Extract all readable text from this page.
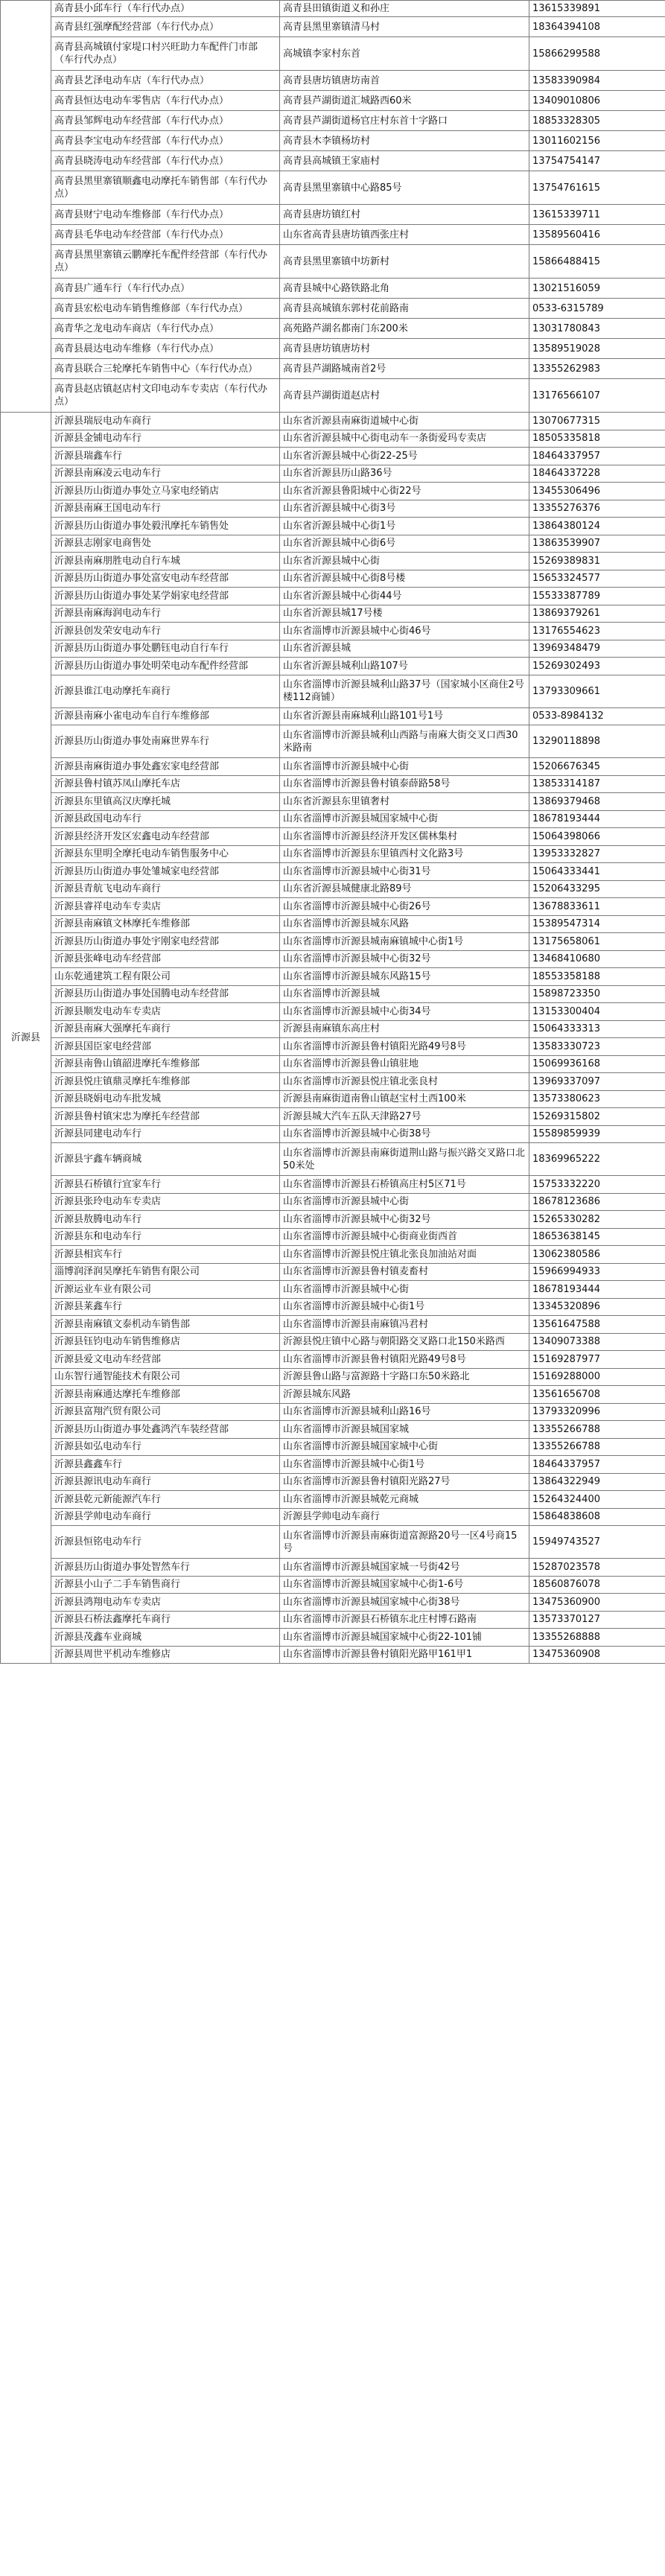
	高青县小邱车行（车行代办点）	高青县田镇街道义和孙庄	13615339891
	高青县红强摩配经营部（车行代办点）	高青县黑里寨镇清马村	18364394108
	高青县高城镇付家堤口村兴旺助力车配件门市部（车行代办点）	高城镇李家村东首	15866299588
	高青县艺泽电动车店（车行代办点）	高青县唐坊镇唐坊南首	13583390984
	高青县恒达电动车零售店（车行代办点）	高青县芦湖街道汇城路西60米	13409010806
	高青县邹辉电动车经营部（车行代办点）	高青县芦湖街道杨官庄村东首十字路口	18853328305
	高青县李宝电动车经营部（车行代办点）	高青县木李镇杨坊村	13011602156
	高青县晓涛电动车经营部（车行代办点）	高青县高城镇王家庙村	13754754147
	高青县黑里寨镇顺鑫电动摩托车销售部（车行代办点）	高青县黑里寨镇中心路85号	13754761615
	高青县财宁电动车维修部（车行代办点）	高青县唐坊镇红村	13615339711
	高青县毛华电动车经营部（车行代办点）	山东省高青县唐坊镇西张庄村	13589560416
	高青县黑里寨镇云鹏摩托车配件经营部（车行代办点）	高青县黑里寨镇中坊新村	15866488415
	高青县广通车行（车行代办点）	高青县城中心路铁路北角	13021516059
	高青县宏松电动车销售维修部（车行代办点）	高青县高城镇东郭村花前路南	0533-6315789
	高青华之龙电动车商店（车行代办点）	高苑路芦湖名都南门东200米	13031780843
	高青县晨达电动车维修（车行代办点）	高青县唐坊镇唐坊村	13589519028
	高青县联合三轮摩托车销售中心（车行代办点）	高青县芦湖路城南首2号	13355262983
	高青县赵店镇赵店村文印电动车专卖店（车行代办点）	高青县芦湖街道赵店村	13176566107
沂源县	沂源县瑞辰电动车商行	山东省沂源县南麻街道城中心街	13070677315
	沂源县金铺电动车行	山东省沂源县城中心街电动车一条街爱玛专卖店	18505335818
	沂源县瑞鑫车行	山东省沂源县城中心街22-25号	18464337957
	沂源县南麻凌云电动车行	山东省沂源县历山路36号	18464337228
	沂源县历山街道办事处立马家电经销店	山东省沂源县鲁阳城中心街22号	13455306496
	沂源县南麻王国电动车行	山东省沂源县城中心街3号	13355276376
	沂源县历山街道办事处毅汛摩托车销售处	山东省沂源县城中心街1号	13864380124
	沂源县志刚家电商售处	山东省沂源县城中心街6号	13863539907
	沂源县南麻朋胜电动自行车城	山东省沂源县城中心街	15269389831
	沂源县历山街道办事处富安电动车经营部	山东省沂源县城中心街8号楼	15653324577
	沂源县历山街道办事处某学娟家电经营部	山东省沂源县城中心街44号	15533387789
	沂源县南麻海润电动车行	山东省沂源县城17号楼	13869379261
	沂源县创发荣安电动车行	山东省淄博市沂源县城中心街46号	13176554623
	沂源县历山街道办事处鹏钰电动自行车行	山东省沂源县城	13969348479
	沂源县历山街道办事处明荣电动车配件经营部	山东省沂源县城利山路107号	15269302493
	沂源县谁江电动摩托车商行	山东省淄博市沂源县城利山路37号（国家城小区商住2号楼112商铺）	13793309661
	沂源县南麻小雀电动车自行车维修部	山东省沂源县南麻城利山路101号1号	0533-8984132
	沂源县历山街道办事处南麻世界车行	山东省淄博市沂源县城利山西路与南麻大街交叉口西30米路南	13290118898
	沂源县南麻街道办事处鑫宏家电经营部	山东省淄博市沂源县城中心街	15206676345
	沂源县鲁村镇苏凤山摩托车店	山东省淄博市沂源县鲁村镇泰薛路58号	13853314187
	沂源县东里镇高汉庆摩托城	山东省沂源县东里镇奢村	13869379468
	沂源县政国电动车行	山东省淄博市沂源县城国家城中心街	18678193444
	沂源县经济开发区宏鑫电动车经营部	山东省淄博市沂源县经济开发区儒林集村	15064398066
	沂源县东里明全摩托电动车销售服务中心	山东省淄博市沂源县东里镇西村文化路3号	13953332827
	沂源县历山街道办事处雏城家电经营部	山东省淄博市沂源县城中心街31号	15064333441
	沂源县青航飞电动车商行	山东省沂源县城健康北路89号	15206433295
	沂源县睿祥电动车专卖店	山东省淄博市沂源县城中心街26号	13678833611
	沂源县南麻镇文林摩托车维修部	山东省淄博市沂源县城东风路	15389547314
	沂源县历山街道办事处宇刚家电经营部	山东省淄博市沂源县城南麻镇城中心街1号	13175658061
	沂源县张峰电动车经营部	山东省淄博市沂源县城中心街32号	13468410680
	山东乾通建筑工程有限公司	山东省淄博市沂源县城东风路15号	18553358188
	沂源县历山街道办事处国腾电动车经营部	山东省淄博市沂源县城	15898723350
	沂源县顺发电动车专卖店	山东省淄博市沂源县城中心街34号	13153300404
	沂源县南麻大强摩托车商行	沂源县南麻镇东高庄村	15064333313
	沂源县国臣家电经营部	山东省淄博市沂源县鲁村镇阳光路49号8号	13583330723
	沂源县南鲁山镇韶进摩托车维修部	山东省淄博市沂源县鲁山镇驻地	15069936168
	沂源县悦庄镇鼎灵摩托车维修部	山东省淄博市沂源县悦庄镇北张良村	13969337097
	沂源县晓娟电动车批发城	沂源县南麻街道南鲁山镇赵宝村土西100米	13573380623
	沂源县鲁村镇宋忠为摩托车经营部	沂源县城大汽车五队天津路27号	15269315802
	沂源县同建电动车行	山东省淄博市沂源县城中心街38号	15589859939
	沂源县宇鑫车辆商城	山东省淄博市沂源县南麻街道荆山路与振兴路交叉路口北50米处	18369965222
	沂源县石桥镇行宜家车行	山东省淄博市沂源县石桥镇高庄村5区71号	15753332220
	沂源县张玲电动车专卖店	山东省淄博市沂源县城中心街	18678123686
	沂源县敖腾电动车行	山东省淄博市沂源县城中心街32号	15265330282
	沂源县东和电动车行	山东省淄博市沂源县城中心街商业街西首	18653638145
	沂源县相宾车行	山东省淄博市沂源县悦庄镇北张良加油站对面	13062380586
	淄博润泽润昊摩托车销售有限公司	山东省淄博市沂源县鲁村镇麦畜村	15966994933
	沂源运业车业有限公司	山东省淄博市沂源县城中心街	18678193444
	沂源县莱鑫车行	山东省淄博市沂源县城中心街1号	13345320896
	沂源县南麻镇文泰机动车销售部	山东省淄博市沂源县南麻镇冯君村	13561647588
	沂源县钰钧电动车销售维修店	沂源县悦庄镇中心路与朝阳路交叉路口北150米路西	13409073388
	沂源县爱文电动车经营部	山东省淄博市沂源县鲁村镇阳光路49号8号	15169287977
	山东智行通智能技术有限公司	沂源县鲁山路与富源路十字路口东50米路北	15169288000
	沂源县南麻通达摩托车维修部	沂源县城东风路	13561656708
	沂源县富翔汽贸有限公司	山东省淄博市沂源县城利山路16号	13793320996
	沂源县历山街道办事处鑫鸿汽车装经营部	山东省淄博市沂源县城国家城	13355266788
	沂源县如弘电动车行	山东省淄博市沂源县城国家城中心街	13355266788
	沂源县鑫鑫车行	山东省淄博市沂源县城中心街1号	18464337957
	沂源县源讯电动车商行	山东省淄博市沂源县鲁村镇阳光路27号	13864322949
	沂源县乾元新能源汽车行	山东省淄博市沂源县城乾元商城	15264324400
	沂源县学帅电动车商行	沂源县学帅电动车商行	15864838608
	沂源县恒铭电动车行	山东省淄博市沂源县南麻街道富源路20号一区4号商15号	15949743527
	沂源县历山街道办事处智然车行	山东省淄博市沂源县城国家城一号街42号	15287023578
	沂源县小山子二手车销售商行	山东省淄博市沂源县城国家城中心街1-6号	18560876078
	沂源县鸿翔电动车专卖店	山东省淄博市沂源县城国家城中心街38号	13475360900
	沂源县石桥法鑫摩托车商行	山东省淄博市沂源县石桥镇东北庄村博石路南	13573370127
	沂源县茂鑫车业商城	山东省淄博市沂源县城国家城中心街22-101铺	13355268888
	沂源县周世平机动车维修店	山东省淄博市沂源县鲁村镇阳光路甲161甲1	13475360908
